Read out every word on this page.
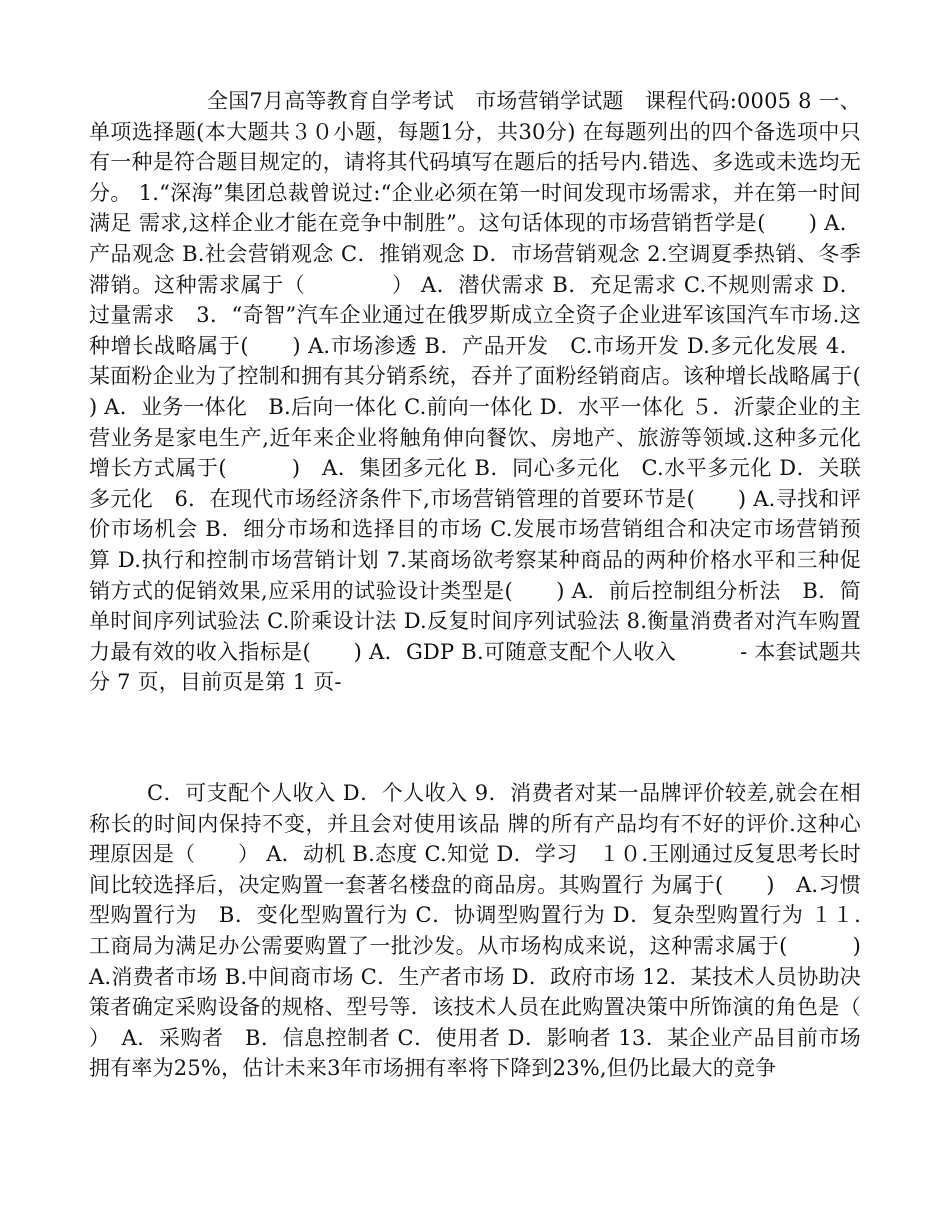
全国7月高等教育自学考试　市场营销学试题　课程代码:0005 8 一、单项选择题(本大题共３０小题，每题1分，共30分) 在每题列出的四个备选项中只有一种是符合题目规定的，请将其代码填写在题后的括号内.错选、多选或未选均无分。 1.“深海”集团总裁曾说过:“企业必须在第一时间发现市场需求，并在第一时间满足 需求,这样企业才能在竞争中制胜”。这句话体现的市场营销哲学是(　　) A．产品观念 B.社会营销观念 C．推销观念 D．市场营销观念 2.空调夏季热销、冬季滞销。这种需求属于（　　　　） A．潜伏需求 B．充足需求 C.不规则需求 D．过量需求　3．“奇智”汽车企业通过在俄罗斯成立全资子企业进军该国汽车市场.这种增长战略属于(　　) A.市场渗透 B．产品开发　C.市场开发 D.多元化发展 4．某面粉企业为了控制和拥有其分销系统，吞并了面粉经销商店。该种增长战略属于(　　) A．业务一体化　B.后向一体化 C.前向一体化 D．水平一体化 ５．沂蒙企业的主营业务是家电生产,近年来企业将触角伸向餐饮、房地产、旅游等领域.这种多元化增长方式属于(　　　)　A．集团多元化 B．同心多元化　C.水平多元化 D．关联多元化　6．在现代市场经济条件下,市场营销管理的首要环节是(　　) A.寻找和评价市场机会 B．细分市场和选择目的市场 C.发展市场营销组合和决定市场营销预算 D.执行和控制市场营销计划 7.某商场欲考察某种商品的两种价格水平和三种促销方式的促销效果,应采用的试验设计类型是(　　) A．前后控制组分析法　B．简单时间序列试验法 C.阶乘设计法 D.反复时间序列试验法 8.衡量消费者对汽车购置力最有效的收入指标是(　　) A．GDP B.可随意支配个人收入　　　- 本套试题共分 7 页，目前页是第 1 页-
C．可支配个人收入 D．个人收入 9．消费者对某一品牌评价较差,就会在相称长的时间内保持不变，并且会对使用该品 牌的所有产品均有不好的评价.这种心理原因是（　　） A．动机 B.态度 C.知觉 D．学习　１０.王刚通过反复思考长时间比较选择后，决定购置一套著名楼盘的商品房。其购置行 为属于(　　)　A.习惯型购置行为　B．变化型购置行为 C．协调型购置行为 D．复杂型购置行为 １１.工商局为满足办公需要购置了一批沙发。从市场构成来说，这种需求属于(　　　)　A.消费者市场 B.中间商市场 C．生产者市场 D．政府市场 12．某技术人员协助决策者确定采购设备的规格、型号等．该技术人员在此购置决策中所饰演的角色是（　　　）　A．采购者　B．信息控制者 C．使用者 D．影响者 13．某企业产品目前市场拥有率为25%，估计未来3年市场拥有率将下降到23%,但仍比最大的竞争
